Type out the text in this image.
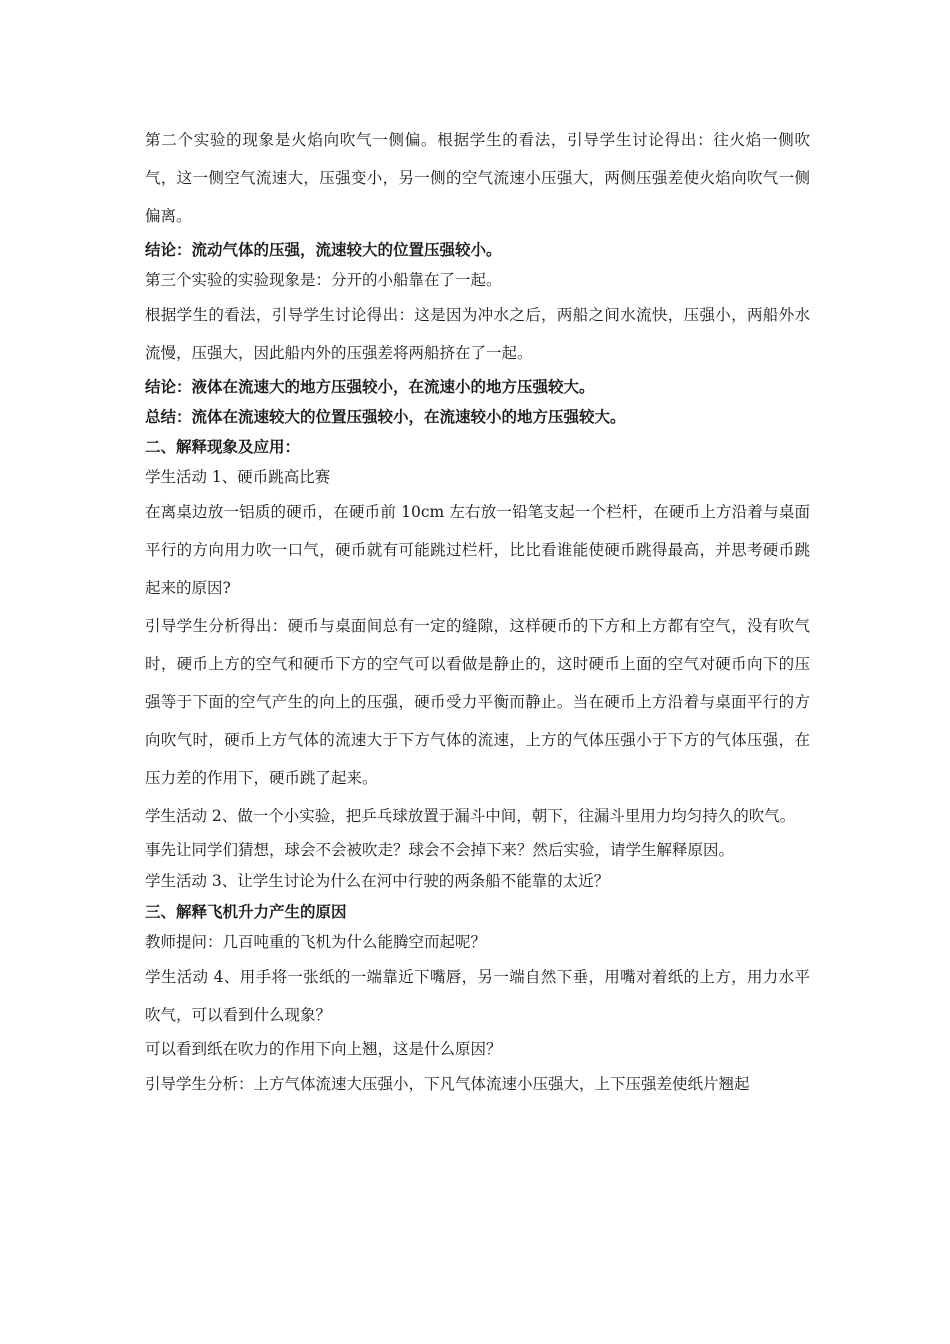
第二个实验的现象是火焰向吹气一侧偏。根据学生的看法，引导学生讨论得出：往火焰一侧吹气，这一侧空气流速大，压强变小，另一侧的空气流速小压强大，两侧压强差使火焰向吹气一侧偏离。

结论：流动气体的压强，流速较大的位置压强较小。

第三个实验的实验现象是：分开的小船靠在了一起。

根据学生的看法，引导学生讨论得出：这是因为冲水之后，两船之间水流快，压强小，两船外水流慢，压强大，因此船内外的压强差将两船挤在了一起。

结论：液体在流速大的地方压强较小，在流速小的地方压强较大。

总结：流体在流速较大的位置压强较小，在流速较小的地方压强较大。

二、解释现象及应用：

学生活动 1、硬币跳高比赛

在离桌边放一铝质的硬币，在硬币前 10cm 左右放一铅笔支起一个栏杆，在硬币上方沿着与桌面平行的方向用力吹一口气，硬币就有可能跳过栏杆，比比看谁能使硬币跳得最高，并思考硬币跳起来的原因?

引导学生分析得出：硬币与桌面间总有一定的缝隙，这样硬币的下方和上方都有空气，没有吹气时，硬币上方的空气和硬币下方的空气可以看做是静止的，这时硬币上面的空气对硬币向下的压强等于下面的空气产生的向上的压强，硬币受力平衡而静止。当在硬币上方沿着与桌面平行的方向吹气时，硬币上方气体的流速大于下方气体的流速，上方的气体压强小于下方的气体压强，在压力差的作用下，硬币跳了起来。

学生活动 2、做一个小实验，把乒乓球放置于漏斗中间，朝下，往漏斗里用力均匀持久的吹气。

事先让同学们猜想，球会不会被吹走？球会不会掉下来？然后实验，请学生解释原因。

学生活动 3、让学生讨论为什么在河中行驶的两条船不能靠的太近？

三、解释飞机升力产生的原因

教师提问：几百吨重的飞机为什么能腾空而起呢？

学生活动 4、用手将一张纸的一端靠近下嘴唇，另一端自然下垂，用嘴对着纸的上方，用力水平吹气，可以看到什么现象？

可以看到纸在吹力的作用下向上翘，这是什么原因？

引导学生分析：上方气体流速大压强小，下凡气体流速小压强大，上下压强差使纸片翘起
